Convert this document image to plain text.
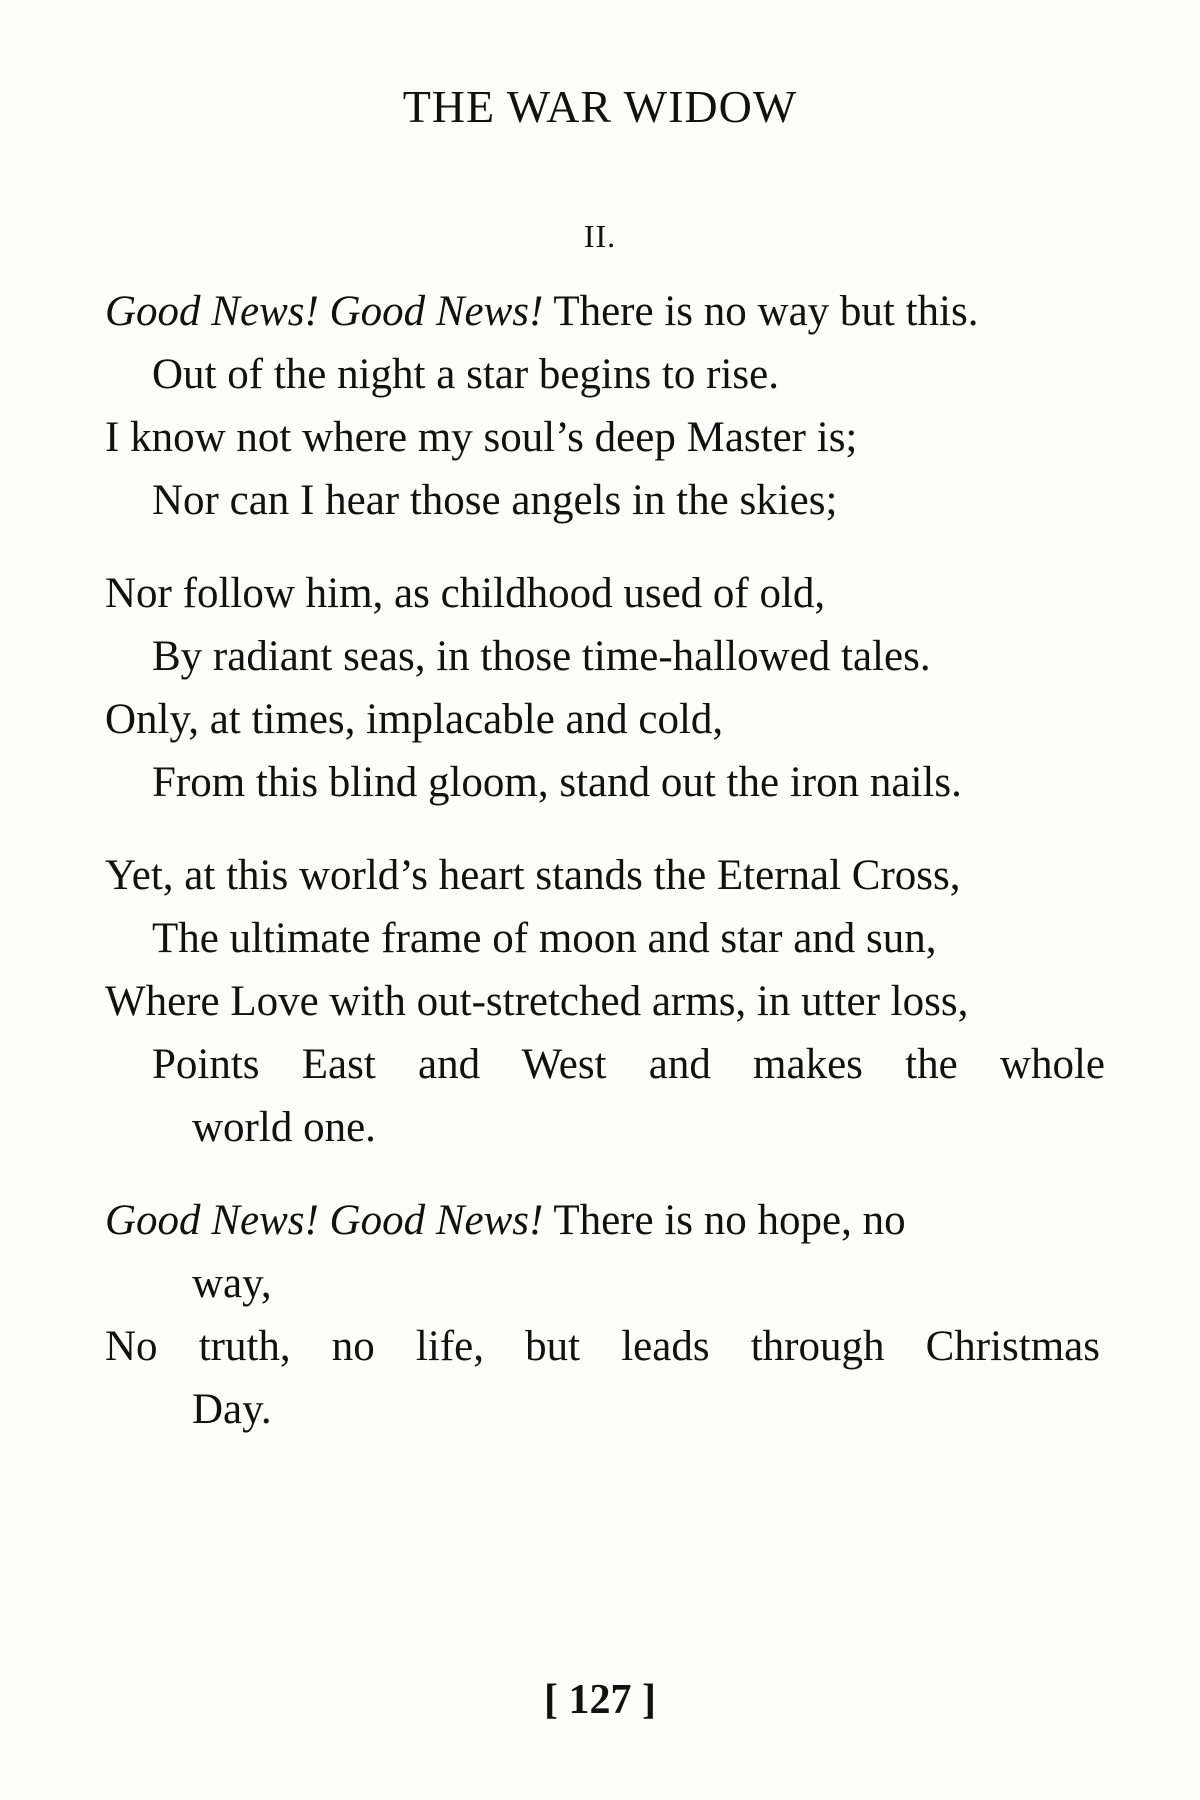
THE WAR WIDOW
II.
Good News! Good News! There is no way but this.
Out of the night a star begins to rise.
I know not where my soul’s deep Master is;
Nor can I hear those angels in the skies;
Nor follow him, as childhood used of old,
By radiant seas, in those time-hallowed tales.
Only, at times, implacable and cold,
From this blind gloom, stand out the iron nails.
Yet, at this world’s heart stands the Eternal Cross,
The ultimate frame of moon and star and sun,
Where Love with out-stretched arms, in utter loss,
Points East and West and makes the whole
world one.
Good News! Good News! There is no hope, no
way,
No truth, no life, but leads through Christmas
Day.
[ 127 ]
